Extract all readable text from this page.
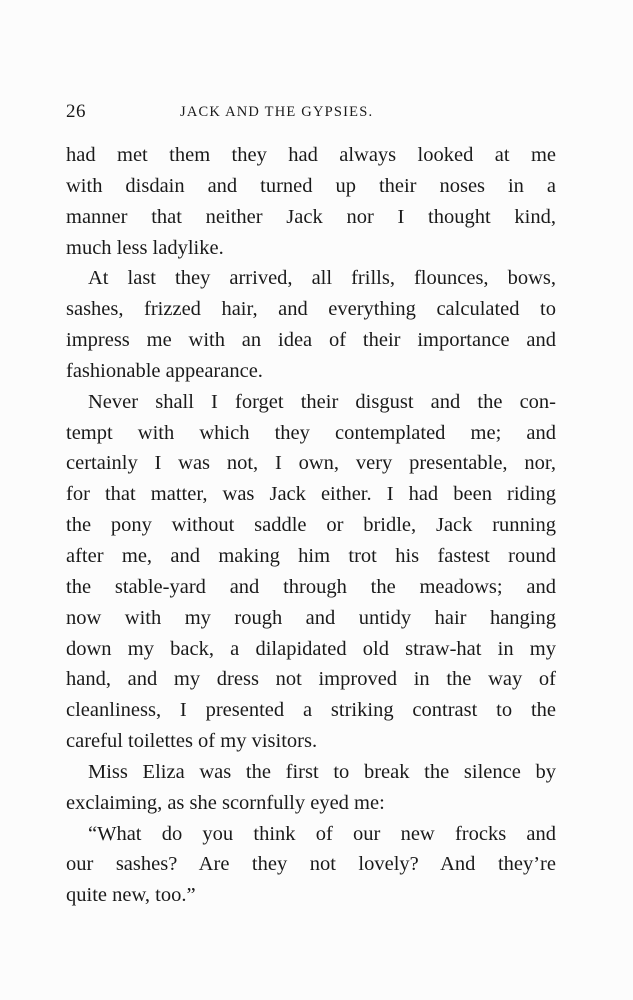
26	JACK AND THE GYPSIES.
had met them they had always looked at me
with disdain and turned up their noses in a
manner that neither Jack nor I thought kind,
much less ladylike.
At last they arrived, all frills, flounces, bows,
sashes, frizzed hair, and everything calculated to
impress me with an idea of their importance and
fashionable appearance.
Never shall I forget their disgust and the con-
tempt with which they contemplated me; and
certainly I was not, I own, very presentable, nor,
for that matter, was Jack either. I had been riding
the pony without saddle or bridle, Jack running
after me, and making him trot his fastest round
the stable-yard and through the meadows; and
now with my rough and untidy hair hanging
down my back, a dilapidated old straw-hat in my
hand, and my dress not improved in the way of
cleanliness, I presented a striking contrast to the
careful toilettes of my visitors.
Miss Eliza was the first to break the silence by
exclaiming, as she scornfully eyed me:
“What do you think of our new frocks and
our sashes? Are they not lovely? And they’re
quite new, too.”
